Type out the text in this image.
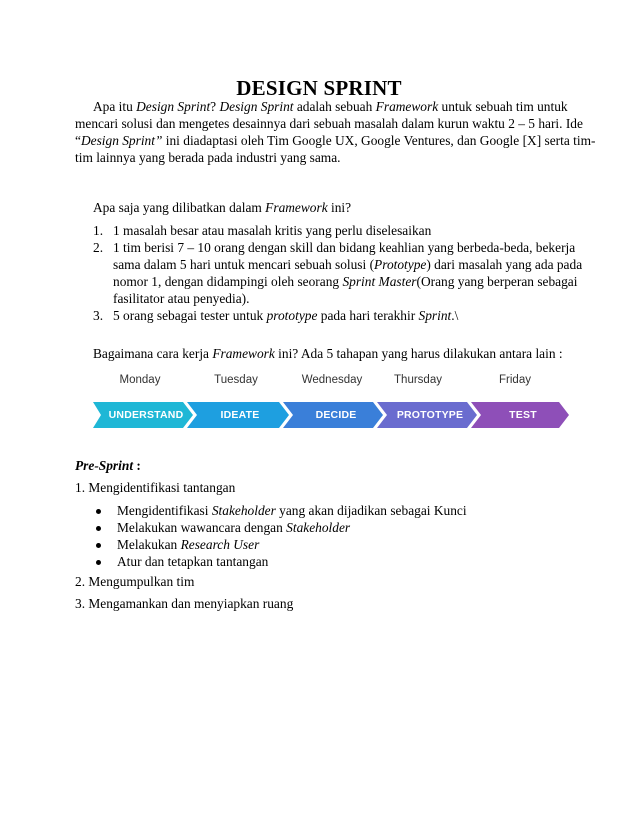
DESIGN SPRINT
Apa itu Design Sprint? Design Sprint adalah sebuah Framework untuk sebuah tim untuk
mencari solusi dan mengetes desainnya dari sebuah masalah dalam kurun waktu 2 – 5 hari. Ide
“Design Sprint” ini diadaptasi oleh Tim Google UX, Google Ventures, dan Google [X] serta tim-
tim lainnya yang berada pada industri yang sama.
Apa saja yang dilibatkan dalam Framework ini?
1. 1 masalah besar atau masalah kritis yang perlu diselesaikan
2. 1 tim berisi 7 – 10 orang dengan skill dan bidang keahlian yang berbeda-beda, bekerja
sama dalam 5 hari untuk mencari sebuah solusi (Prototype) dari masalah yang ada pada
nomor 1, dengan didampingi oleh seorang Sprint Master(Orang yang berperan sebagai
fasilitator atau penyedia).
3. 5 orang sebagai tester untuk prototype pada hari terakhir Sprint.\
Bagaimana cara kerja Framework ini? Ada 5 tahapan yang harus dilakukan antara lain :
Monday	Tuesday	Wednesday	Thursday	Friday
UNDERSTAND	IDEATE	DECIDE	PROTOTYPE	TEST
Pre-Sprint :
1. Mengidentifikasi tantangan
Mengidentifikasi Stakeholder yang akan dijadikan sebagai Kunci
Melakukan wawancara dengan Stakeholder
Melakukan Research User
Atur dan tetapkan tantangan
2. Mengumpulkan tim
3. Mengamankan dan menyiapkan ruang
